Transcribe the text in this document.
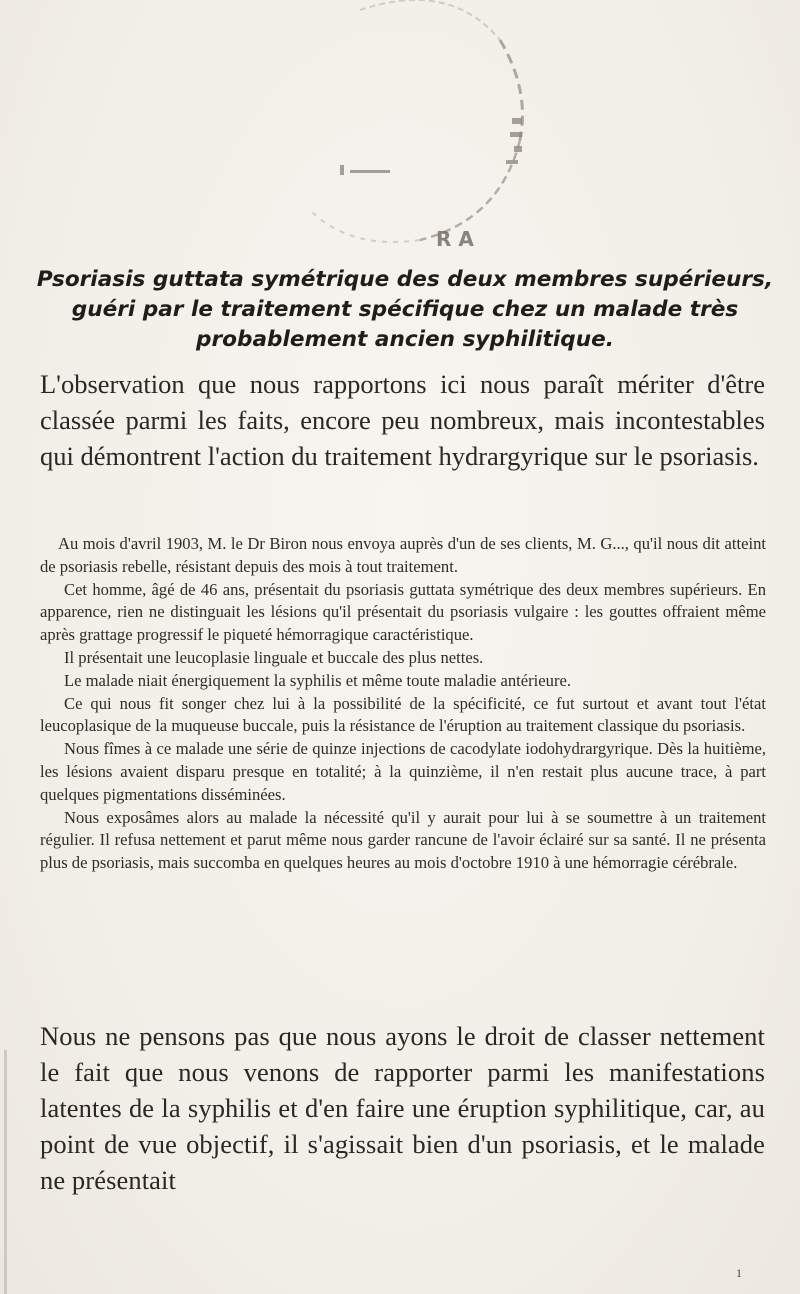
R A
Psoriasis guttata symétrique des deux membres supérieurs, guéri par le traitement spécifique chez un malade très probablement ancien syphilitique.

L'observation que nous rapportons ici nous paraît mériter d'être classée parmi les faits, encore peu nombreux, mais incontestables qui démontrent l'action du traitement hydrargyrique sur le psoriasis.

Au mois d'avril 1903, M. le Dr Biron nous envoya auprès d'un de ses clients, M. G..., qu'il nous dit atteint de psoriasis rebelle, résistant depuis des mois à tout traitement.

Cet homme, âgé de 46 ans, présentait du psoriasis guttata symétrique des deux membres supérieurs. En apparence, rien ne distinguait les lésions qu'il présentait du psoriasis vulgaire : les gouttes offraient même après grattage progressif le piqueté hémorragique caractéristique.

Il présentait une leucoplasie linguale et buccale des plus nettes.

Le malade niait énergiquement la syphilis et même toute maladie antérieure.

Ce qui nous fit songer chez lui à la possibilité de la spécificité, ce fut surtout et avant tout l'état leucoplasique de la muqueuse buccale, puis la résistance de l'éruption au traitement classique du psoriasis.

Nous fîmes à ce malade une série de quinze injections de cacodylate iodohydrargyrique. Dès la huitième, les lésions avaient disparu presque en totalité; à la quinzième, il n'en restait plus aucune trace, à part quelques pigmentations disséminées.

Nous exposâmes alors au malade la nécessité qu'il y aurait pour lui à se soumettre à un traitement régulier. Il refusa nettement et parut même nous garder rancune de l'avoir éclairé sur sa santé. Il ne présenta plus de psoriasis, mais succomba en quelques heures au mois d'octobre 1910 à une hémorragie cérébrale.

Nous ne pensons pas que nous ayons le droit de classer nettement le fait que nous venons de rapporter parmi les manifestations latentes de la syphilis et d'en faire une éruption syphilitique, car, au point de vue objectif, il s'agissait bien d'un psoriasis, et le malade ne présentait

1
